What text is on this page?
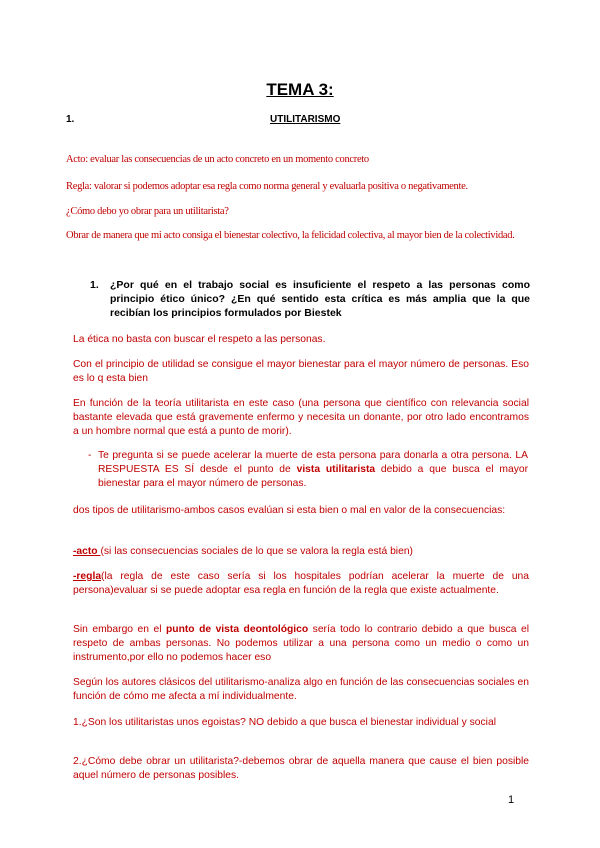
TEMA 3:
1.	UTILITARISMO
Acto: evaluar las consecuencias de un acto concreto en un momento concreto
Regla: valorar si podemos adoptar esa regla como norma general y evaluarla positiva o negativamente.
¿Cómo debo yo obrar para un utilitarista?
Obrar de manera que mi acto consiga el bienestar colectivo, la felicidad colectiva, al mayor bien de la colectividad.
1. ¿Por qué en el trabajo social es insuficiente el respeto a las personas como principio ético único? ¿En qué sentido esta crítica es más amplia que la que recibían los principios formulados por Biestek
La ética no basta con buscar el respeto a las personas.
Con el principio de utilidad se consigue el mayor bienestar para el mayor número de personas. Eso es lo q esta bien
En función de la teoría utilitarista en este caso (una persona que científico con relevancia social bastante elevada que está gravemente enfermo y necesita un donante, por otro lado encontramos a un hombre normal que está a punto de morir).
- Te pregunta si se puede acelerar la muerte de esta persona para donarla a otra persona. LA RESPUESTA ES SÍ desde el punto de vista utilitarista debido a que busca el mayor bienestar para el mayor número de personas.
dos tipos de utilitarismo-ambos casos evalúan si esta bien o mal en valor de la consecuencias:
-acto (si las consecuencias sociales de lo que se valora la regla está bien)
-regla(la regla de este caso sería si los hospitales podrían acelerar la muerte de una persona)evaluar si se puede adoptar esa regla en función de la regla que existe actualmente.
Sin embargo en el punto de vista deontológico sería todo lo contrario debido a que busca el respeto de ambas personas. No podemos utilizar a una persona como un medio o como un instrumento,por ello no podemos hacer eso
Según los autores clásicos del utilitarismo-analiza algo en función de las consecuencias sociales en función de cómo me afecta a mí individualmente.
1.¿Son los utilitaristas unos egoistas? NO debido a que busca el bienestar individual y social
2.¿Cómo debe obrar un utilitarista?-debemos obrar de aquella manera que cause el bien posible aquel número de personas posibles.
1
